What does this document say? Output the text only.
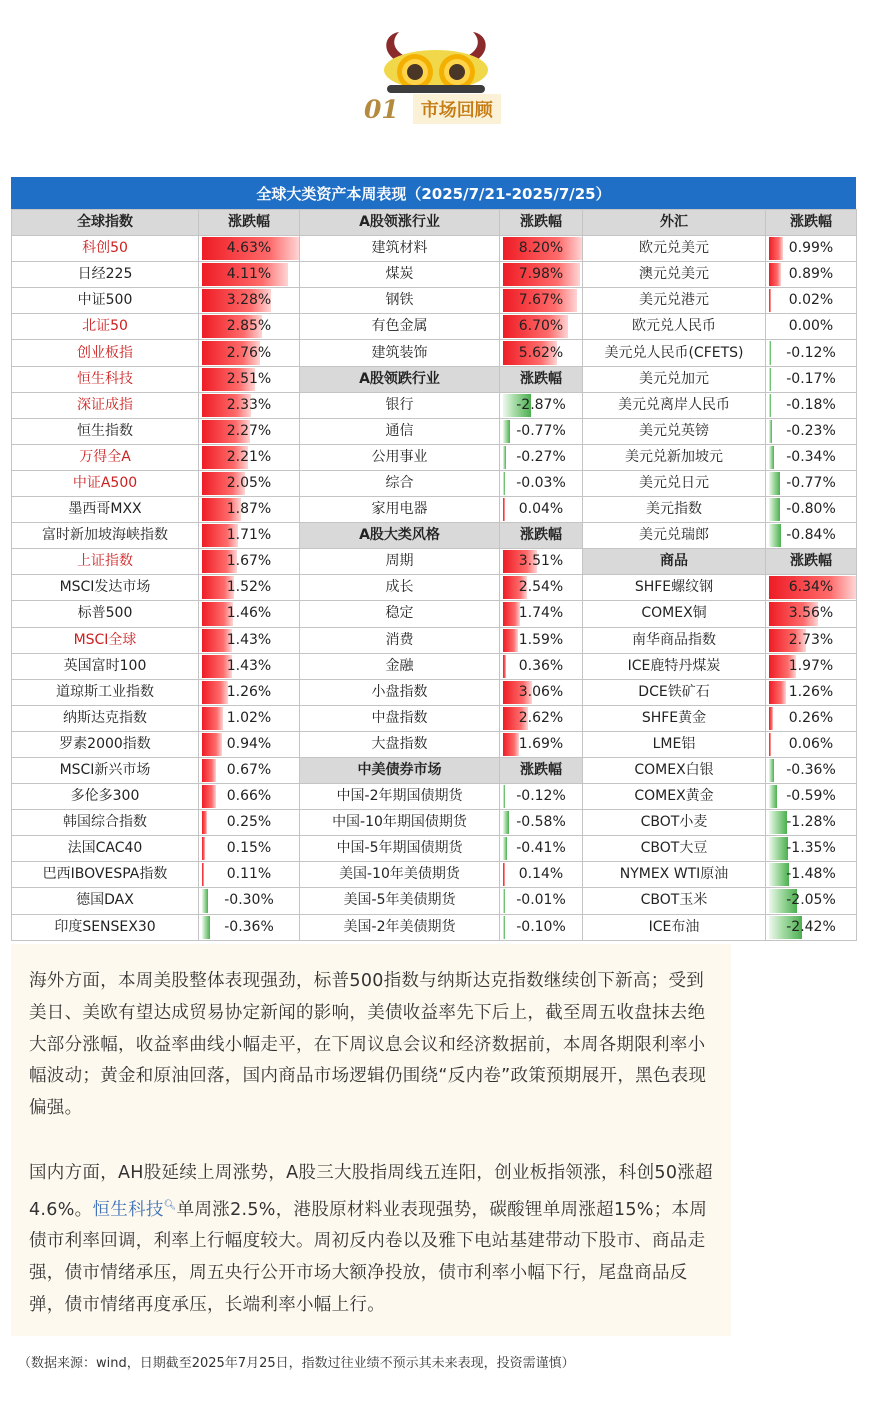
01	市场回顾
全球大类资产本周表现（2025/7/21-2025/7/25）
全球指数	涨跌幅	A股领涨行业	涨跌幅	外汇	涨跌幅
科创50	4.63%	建筑材料	8.20%	欧元兑美元	0.99%
日经225	4.11%	煤炭	7.98%	澳元兑美元	0.89%
中证500	3.28%	钢铁	7.67%	美元兑港元	0.02%
北证50	2.85%	有色金属	6.70%	欧元兑人民币	0.00%
创业板指	2.76%	建筑装饰	5.62%	美元兑人民币(CFETS)	-0.12%
恒生科技	2.51%	A股领跌行业	涨跌幅	美元兑加元	-0.17%
深证成指	2.33%	银行	-2.87%	美元兑离岸人民币	-0.18%
恒生指数	2.27%	通信	-0.77%	美元兑英镑	-0.23%
万得全A	2.21%	公用事业	-0.27%	美元兑新加坡元	-0.34%
中证A500	2.05%	综合	-0.03%	美元兑日元	-0.77%
墨西哥MXX	1.87%	家用电器	0.04%	美元指数	-0.80%
富时新加坡海峡指数	1.71%	A股大类风格	涨跌幅	美元兑瑞郎	-0.84%
上证指数	1.67%	周期	3.51%	商品	涨跌幅
MSCI发达市场	1.52%	成长	2.54%	SHFE螺纹钢	6.34%
标普500	1.46%	稳定	1.74%	COMEX铜	3.56%
MSCI全球	1.43%	消费	1.59%	南华商品指数	2.73%
英国富时100	1.43%	金融	0.36%	ICE鹿特丹煤炭	1.97%
道琼斯工业指数	1.26%	小盘指数	3.06%	DCE铁矿石	1.26%
纳斯达克指数	1.02%	中盘指数	2.62%	SHFE黄金	0.26%
罗素2000指数	0.94%	大盘指数	1.69%	LME铝	0.06%
MSCI新兴市场	0.67%	中美债券市场	涨跌幅	COMEX白银	-0.36%
多伦多300	0.66%	中国-2年期国债期货	-0.12%	COMEX黄金	-0.59%
韩国综合指数	0.25%	中国-10年期国债期货	-0.58%	CBOT小麦	-1.28%
法国CAC40	0.15%	中国-5年期国债期货	-0.41%	CBOT大豆	-1.35%
巴西IBOVESPA指数	0.11%	美国-10年美债期货	0.14%	NYMEX WTI原油	-1.48%
德国DAX	-0.30%	美国-5年美债期货	-0.01%	CBOT玉米	-2.05%
印度SENSEX30	-0.36%	美国-2年美债期货	-0.10%	ICE布油	-2.42%

海外方面，本周美股整体表现强劲，标普500指数与纳斯达克指数继续创下新高；受到美日、美欧有望达成贸易协定新闻的影响，美债收益率先下后上，截至周五收盘抹去绝大部分涨幅，收益率曲线小幅走平，在下周议息会议和经济数据前，本周各期限利率小幅波动；黄金和原油回落，国内商品市场逻辑仍围绕“反内卷”政策预期展开，黑色表现偏强。

国内方面，AH股延续上周涨势，A股三大股指周线五连阳，创业板指领涨，科创50涨超4.6%。恒生科技🔍︎单周涨2.5%，港股原材料业表现强势，碳酸锂单周涨超15%；本周债市利率回调，利率上行幅度较大。周初反内卷以及雅下电站基建带动下股市、商品走强，债市情绪承压，周五央行公开市场大额净投放，债市利率小幅下行，尾盘商品反弹，债市情绪再度承压，长端利率小幅上行。

（数据来源：wind，日期截至2025年7月25日，指数过往业绩不预示其未来表现，投资需谨慎）
